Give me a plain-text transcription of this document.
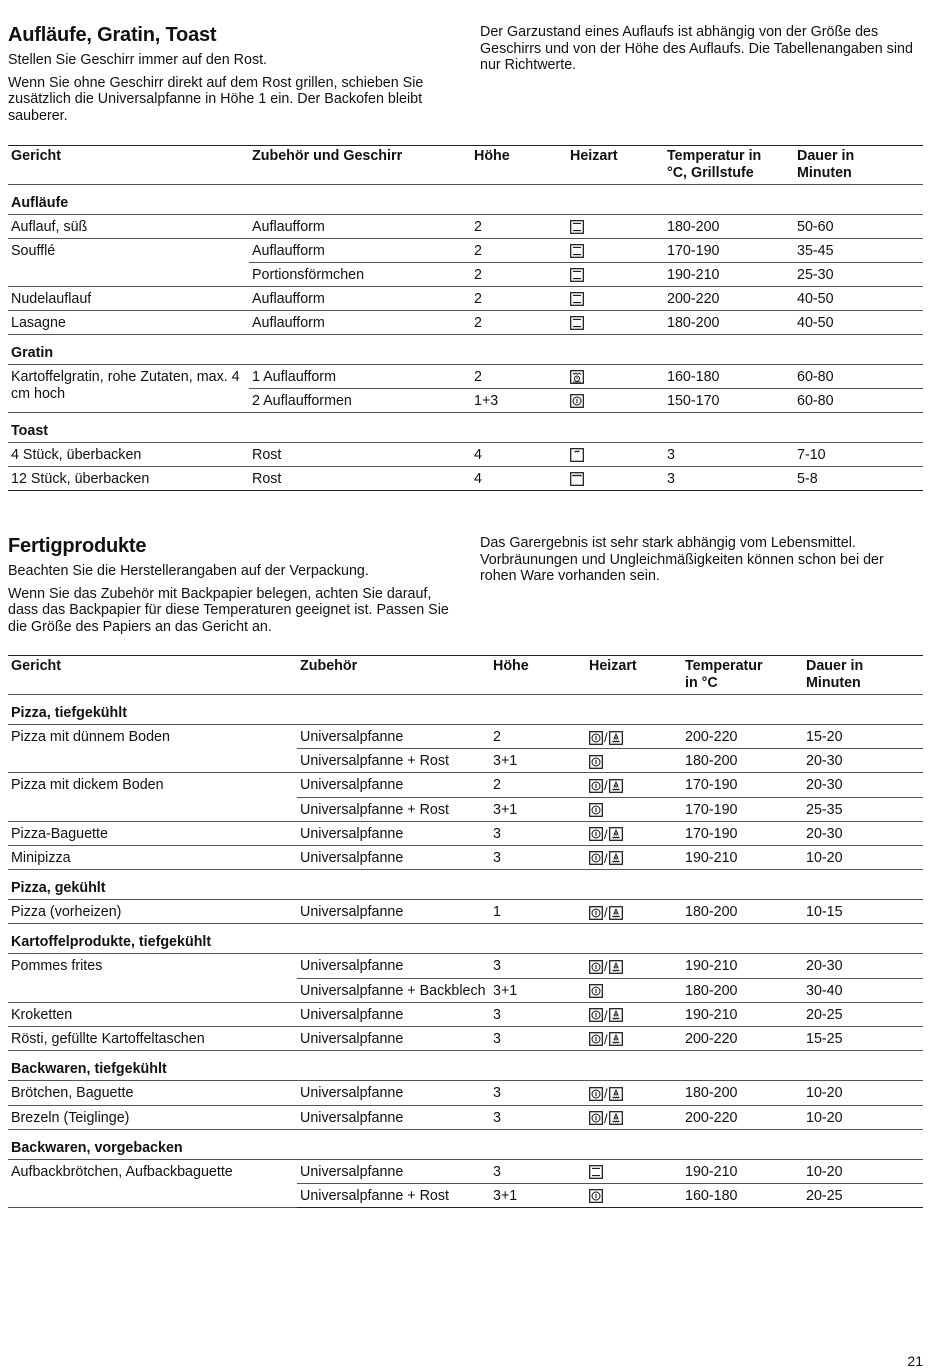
Aufläufe, Gratin, Toast

Stellen Sie Geschirr immer auf den Rost.

Wenn Sie ohne Geschirr direkt auf dem Rost grillen, schieben Sie zusätzlich die Universalpfanne in Höhe 1 ein. Der Backofen bleibt sauberer.

Der Garzustand eines Auflaufs ist abhängig von der Größe des Geschirrs und von der Höhe des Auflaufs. Die Tabellenangaben sind nur Richtwerte.

Gericht	Zubehör und Geschirr	Höhe	Heizart	Temperatur in °C, Grillstufe	Dauer in Minuten
Aufläufe					
Auflauf, süß	Auflaufform	2		180-200	50-60
Soufflé	Auflaufform	2		170-190	35-45
	Portionsförmchen	2		190-210	25-30
Nudelauflauf	Auflaufform	2		200-220	40-50
Lasagne	Auflaufform	2		180-200	40-50
Gratin					
Kartoffelgratin, rohe Zutaten, max. 4 cm hoch	1 Auflaufform	2		160-180	60-80
	2 Auflaufformen	1+3		150-170	60-80
Toast					
4 Stück, überbacken	Rost	4		3	7-10
12 Stück, überbacken	Rost	4		3	5-8
Fertigprodukte

Beachten Sie die Herstellerangaben auf der Verpackung.

Wenn Sie das Zubehör mit Backpapier belegen, achten Sie darauf, dass das Backpapier für diese Temperaturen geeignet ist. Passen Sie die Größe des Papiers an das Gericht an.

Das Garergebnis ist sehr stark abhängig vom Lebensmittel. Vorbräunungen und Ungleichmäßigkeiten können schon bei der rohen Ware vorhanden sein.

Gericht	Zubehör	Höhe	Heizart	Temperatur in °C	Dauer in Minuten
Pizza, tiefgekühlt					
Pizza mit dünnem Boden	Universalpfanne	2	/	200-220	15-20
	Universalpfanne + Rost	3+1		180-200	20-30
Pizza mit dickem Boden	Universalpfanne	2	/	170-190	20-30
	Universalpfanne + Rost	3+1		170-190	25-35
Pizza-Baguette	Universalpfanne	3	/	170-190	20-30
Minipizza	Universalpfanne	3	/	190-210	10-20
Pizza, gekühlt					
Pizza (vorheizen)	Universalpfanne	1	/	180-200	10-15
Kartoffelprodukte, tiefgekühlt					
Pommes frites	Universalpfanne	3	/	190-210	20-30
	Universalpfanne + Backblech	3+1		180-200	30-40
Kroketten	Universalpfanne	3	/	190-210	20-25
Rösti, gefüllte Kartoffeltaschen	Universalpfanne	3	/	200-220	15-25
Backwaren, tiefgekühlt					
Brötchen, Baguette	Universalpfanne	3	/	180-200	10-20
Brezeln (Teiglinge)	Universalpfanne	3	/	200-220	10-20
Backwaren, vorgebacken					
Aufbackbrötchen, Aufbackbaguette	Universalpfanne	3		190-210	10-20
	Universalpfanne + Rost	3+1		160-180	20-25
21
